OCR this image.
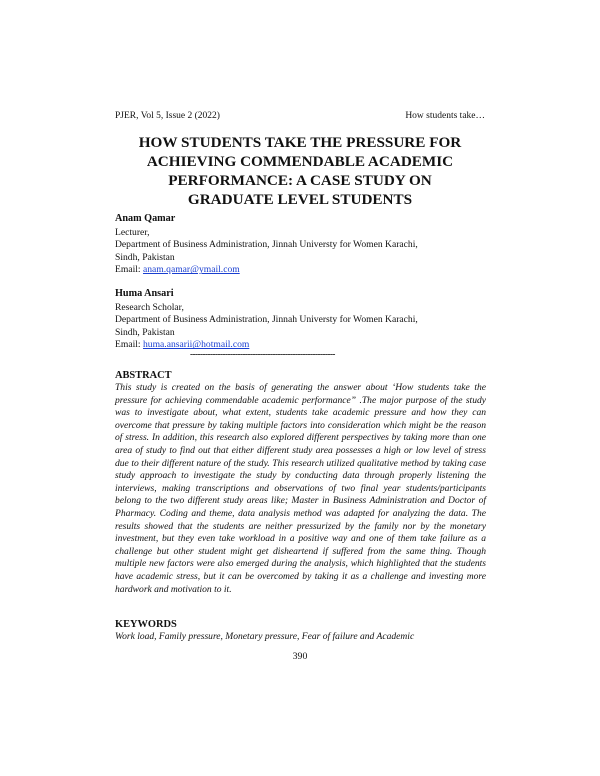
PJER, Vol 5, Issue 2 (2022)	How students take…
HOW STUDENTS TAKE THE PRESSURE FOR
ACHIEVING COMMENDABLE ACADEMIC
PERFORMANCE: A CASE STUDY ON
GRADUATE LEVEL STUDENTS
Anam Qamar
Lecturer,
Department of Business Administration, Jinnah Universty for Women Karachi,
Sindh, Pakistan
Email: anam.qamar@ymail.com
Huma Ansari
Research Scholar,
Department of Business Administration, Jinnah Universty for Women Karachi,
Sindh, Pakistan
Email: huma.ansarii@hotmail.com
----------------------------------------------------------
ABSTRACT

This study is created on the basis of generating the answer about ‘How students take the pressure for achieving commendable academic performance” .The major purpose of the study was to investigate about, what extent, students take academic pressure and how they can overcome that pressure by taking multiple factors into consideration which might be the reason of stress. In addition, this research also explored different perspectives by taking more than one area of study to find out that either different study area possesses a high or low level of stress due to their different nature of the study. This research utilized qualitative method by taking case study approach to investigate the study by conducting data through properly listening the interviews, making transcriptions and observations of two final year students/participants belong to the two different study areas like; Master in Business Administration and Doctor of Pharmacy. Coding and theme, data analysis method was adapted for analyzing the data. The results showed that the students are neither pressurized by the family nor by the monetary investment, but they even take workload in a positive way and one of them take failure as a challenge but other student might get disheartend if suffered from the same thing. Though multiple new factors were also emerged during the analysis, which highlighted that the students have academic stress, but it can be overcomed by taking it as a challenge and investing more hardwork and motivation to it.

KEYWORDS
Work load, Family pressure, Monetary pressure, Fear of failure and Academic
390
